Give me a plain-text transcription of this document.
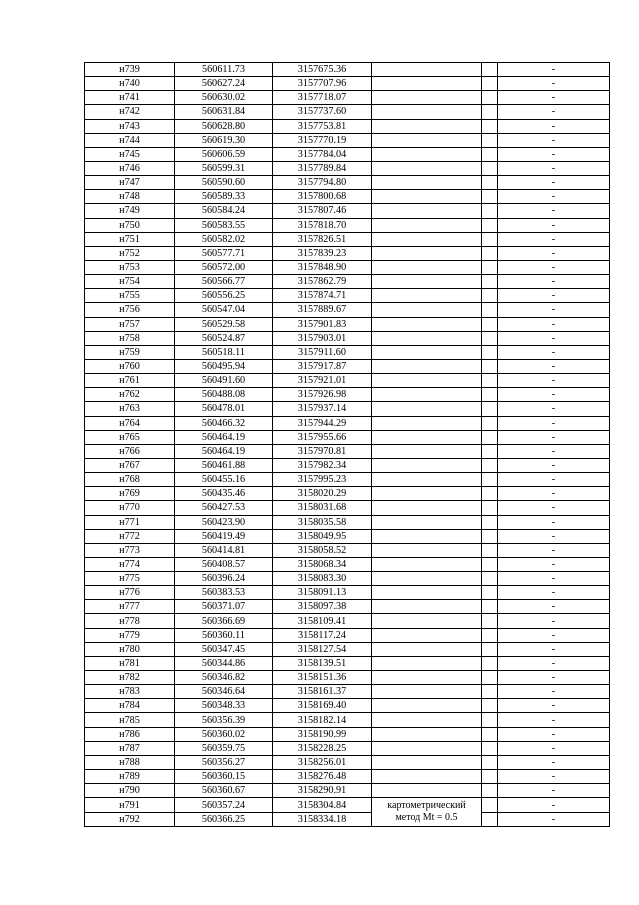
н739	560611.73	3157675.36			-
н740	560627.24	3157707.96			-
н741	560630.02	3157718.07			-
н742	560631.84	3157737.60			-
н743	560628.80	3157753.81			-
н744	560619.30	3157770.19			-
н745	560606.59	3157784.04			-
н746	560599.31	3157789.84			-
н747	560590.60	3157794.80			-
н748	560589.33	3157800.68			-
н749	560584.24	3157807.46			-
н750	560583.55	3157818.70			-
н751	560582.02	3157826.51			-
н752	560577.71	3157839.23			-
н753	560572.00	3157848.90			-
н754	560566.77	3157862.79			-
н755	560556.25	3157874.71			-
н756	560547.04	3157889.67			-
н757	560529.58	3157901.83			-
н758	560524.87	3157903.01			-
н759	560518.11	3157911.60			-
н760	560495.94	3157917.87			-
н761	560491.60	3157921.01			-
н762	560488.08	3157926.98			-
н763	560478.01	3157937.14			-
н764	560466.32	3157944.29			-
н765	560464.19	3157955.66			-
н766	560464.19	3157970.81			-
н767	560461.88	3157982.34			-
н768	560455.16	3157995.23			-
н769	560435.46	3158020.29			-
н770	560427.53	3158031.68			-
н771	560423.90	3158035.58			-
н772	560419.49	3158049.95			-
н773	560414.81	3158058.52			-
н774	560408.57	3158068.34			-
н775	560396.24	3158083.30			-
н776	560383.53	3158091.13			-
н777	560371.07	3158097.38			-
н778	560366.69	3158109.41			-
н779	560360.11	3158117.24			-
н780	560347.45	3158127.54			-
н781	560344.86	3158139.51			-
н782	560346.82	3158151.36			-
н783	560346.64	3158161.37			-
н784	560348.33	3158169.40			-
н785	560356.39	3158182.14			-
н786	560360.02	3158190.99			-
н787	560359.75	3158228.25			-
н788	560356.27	3158256.01			-
н789	560360.15	3158276.48			-
н790	560360.67	3158290.91			-
н791	560357.24	3158304.84	картометрический
метод Mt = 0.5		-
н792	560366.25	3158334.18			-
